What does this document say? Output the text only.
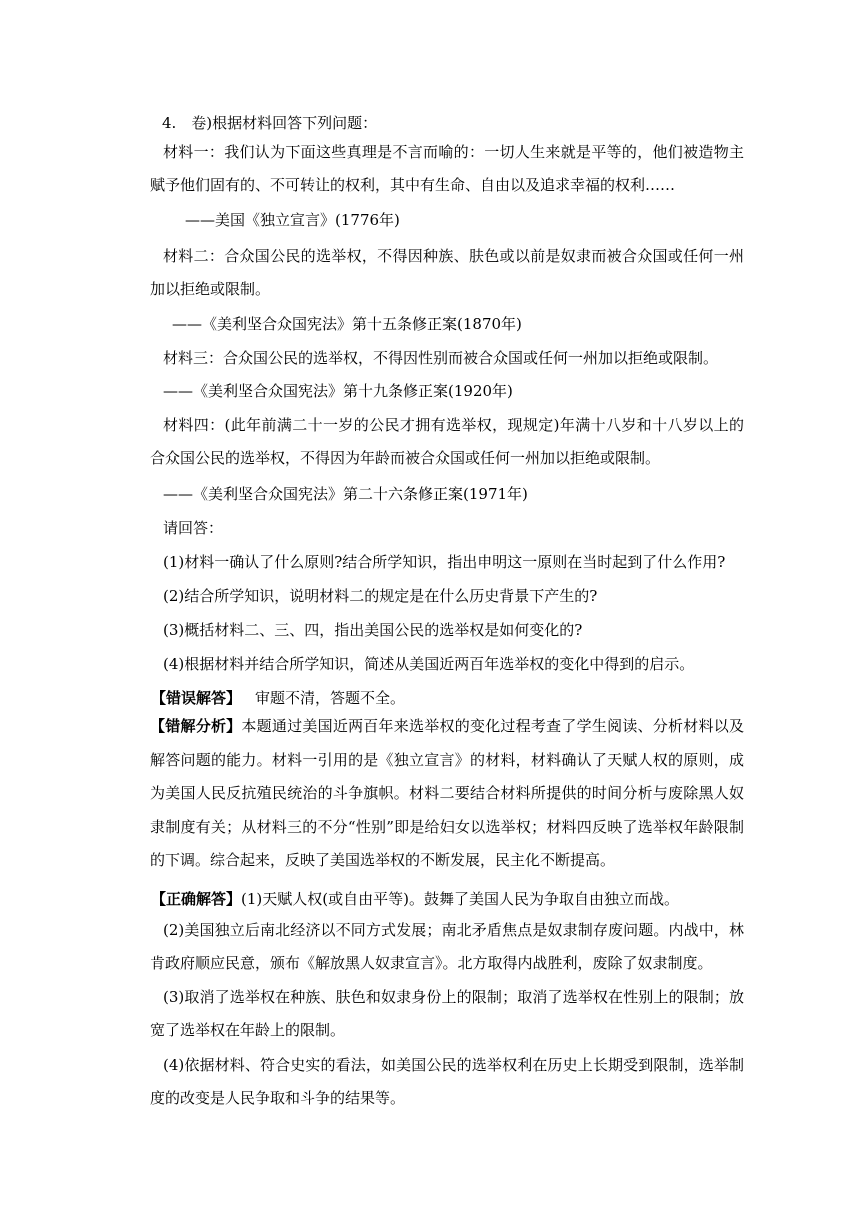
4.　卷)根据材料回答下列问题：
材料一：我们认为下面这些真理是不言而喻的：一切人生来就是平等的，他们被造物主赋予他们固有的、不可转让的权利，其中有生命、自由以及追求幸福的权利……
——美国《独立宣言》(1776年)
材料二：合众国公民的选举权，不得因种族、肤色或以前是奴隶而被合众国或任何一州加以拒绝或限制。
——《美利坚合众国宪法》第十五条修正案(1870年)
材料三：合众国公民的选举权，不得因性别而被合众国或任何一州加以拒绝或限制。
——《美利坚合众国宪法》第十九条修正案(1920年)
材料四：(此年前满二十一岁的公民才拥有选举权，现规定)年满十八岁和十八岁以上的合众国公民的选举权，不得因为年龄而被合众国或任何一州加以拒绝或限制。
——《美利坚合众国宪法》第二十六条修正案(1971年)
请回答：
(1)材料一确认了什么原则?结合所学知识，指出申明这一原则在当时起到了什么作用?
(2)结合所学知识，说明材料二的规定是在什么历史背景下产生的?
(3)概括材料二、三、四，指出美国公民的选举权是如何变化的?
(4)根据材料并结合所学知识，简述从美国近两百年选举权的变化中得到的启示。
【错误解答】 审题不清，答题不全。
【错解分析】本题通过美国近两百年来选举权的变化过程考查了学生阅读、分析材料以及解答问题的能力。材料一引用的是《独立宣言》的材料，材料确认了天赋人权的原则，成为美国人民反抗殖民统治的斗争旗帜。材料二要结合材料所提供的时间分析与废除黑人奴隶制度有关；从材料三的不分“性别”即是给妇女以选举权；材料四反映了选举权年龄限制的下调。综合起来，反映了美国选举权的不断发展，民主化不断提高。
【正确解答】(1)天赋人权(或自由平等)。鼓舞了美国人民为争取自由独立而战。
(2)美国独立后南北经济以不同方式发展；南北矛盾焦点是奴隶制存废问题。内战中，林肯政府顺应民意，颁布《解放黑人奴隶宣言》。北方取得内战胜利，废除了奴隶制度。
(3)取消了选举权在种族、肤色和奴隶身份上的限制；取消了选举权在性别上的限制；放宽了选举权在年龄上的限制。
(4)依据材料、符合史实的看法，如美国公民的选举权利在历史上长期受到限制，选举制度的改变是人民争取和斗争的结果等。
